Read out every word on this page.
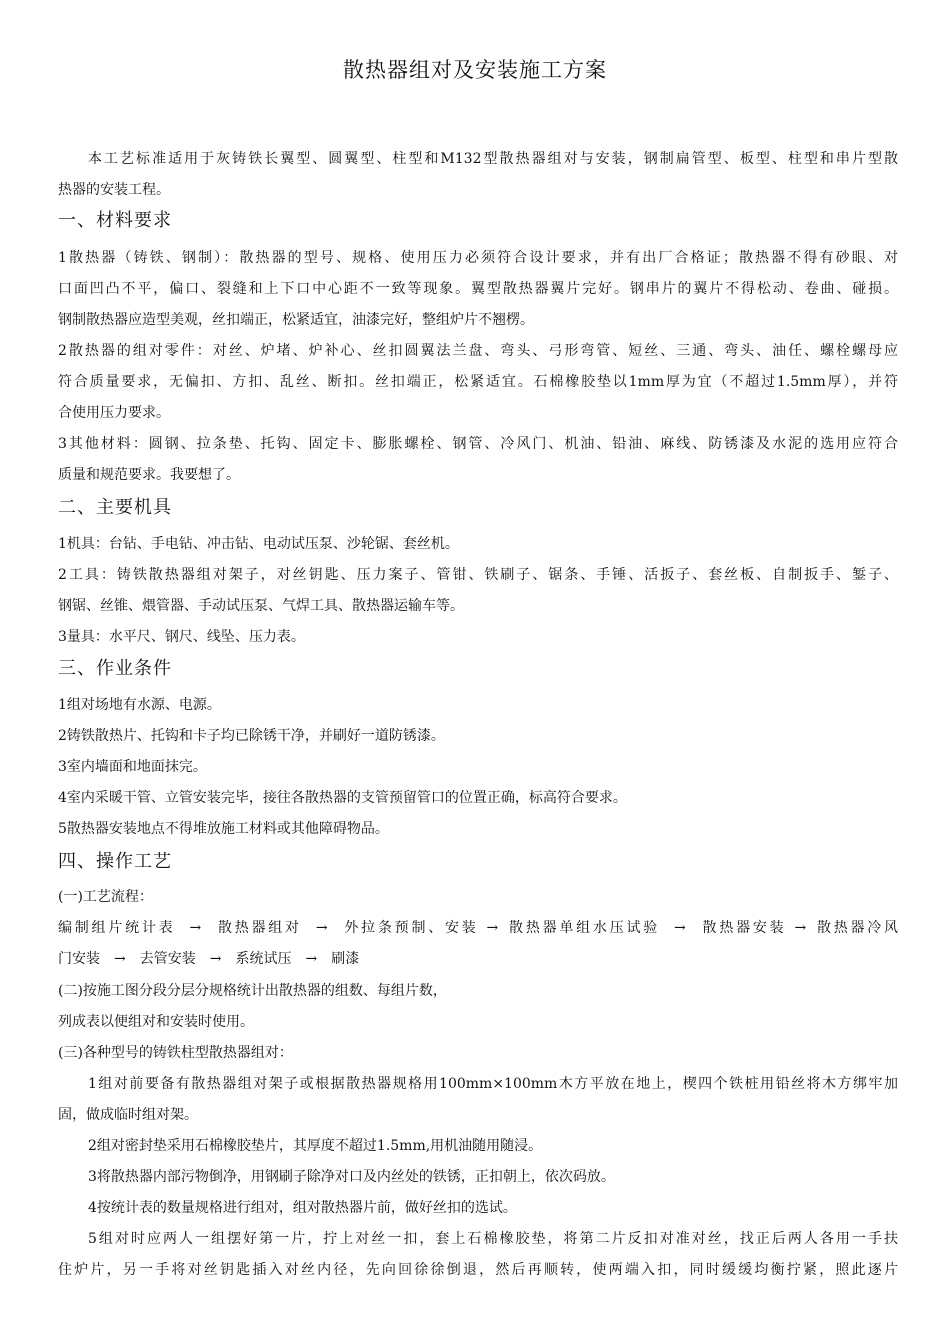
散热器组对及安装施工方案
本工艺标准适用于灰铸铁长翼型、圆翼型、柱型和M132型散热器组对与安装，钢制扁管型、板型、柱型和串片型散
热器的安装工程。
一、材料要求
1散热器（铸铁、钢制）：散热器的型号、规格、使用压力必须符合设计要求，并有出厂合格证；散热器不得有砂眼、对
口面凹凸不平，偏口、裂缝和上下口中心距不一致等现象。翼型散热器翼片完好。钢串片的翼片不得松动、卷曲、碰损。
钢制散热器应造型美观，丝扣端正，松紧适宜，油漆完好，整组炉片不翘楞。
2散热器的组对零件：对丝、炉堵、炉补心、丝扣圆翼法兰盘、弯头、弓形弯管、短丝、三通、弯头、油任、螺栓螺母应
符合质量要求，无偏扣、方扣、乱丝、断扣。丝扣端正，松紧适宜。石棉橡胶垫以1mm厚为宜（不超过1.5mm厚），并符
合使用压力要求。
3其他材料：圆钢、拉条垫、托钩、固定卡、膨胀螺栓、钢管、冷风门、机油、铅油、麻线、防锈漆及水泥的选用应符合
质量和规范要求。我要想了。
二、主要机具
1机具：台钻、手电钻、冲击钻、电动试压泵、沙轮锯、套丝机。
2工具：铸铁散热器组对架子，对丝钥匙、压力案子、管钳、铁刷子、锯条、手锤、活扳子、套丝板、自制扳手、錾子、
钢锯、丝锥、煨管器、手动试压泵、气焊工具、散热器运输车等。
3量具：水平尺、钢尺、线坠、压力表。
三、作业条件
1组对场地有水源、电源。
2铸铁散热片、托钩和卡子均已除锈干净，并刷好一道防锈漆。
3室内墙面和地面抹完。
4室内采暖干管、立管安装完毕，接往各散热器的支管预留管口的位置正确，标高符合要求。
5散热器安装地点不得堆放施工材料或其他障碍物品。
四、操作工艺
(一)工艺流程：
编制组片统计表 → 散热器组对 → 外拉条预制、安装 → 散热器单组水压试验 → 散热器安装 → 散热器冷风
门安装 → 去管安装 → 系统试压 → 刷漆
(二)按施工图分段分层分规格统计出散热器的组数、每组片数，
列成表以便组对和安装时使用。
(三)各种型号的铸铁柱型散热器组对：
1组对前要备有散热器组对架子或根据散热器规格用100mm×100mm木方平放在地上，楔四个铁桩用铅丝将木方绑牢加
固，做成临时组对架。
2组对密封垫采用石棉橡胶垫片，其厚度不超过1.5mm,用机油随用随浸。
3将散热器内部污物倒净，用钢刷子除净对口及内丝处的铁锈，正扣朝上，依次码放。
4按统计表的数量规格进行组对，组对散热器片前，做好丝扣的选试。
5组对时应两人一组摆好第一片，拧上对丝一扣，套上石棉橡胶垫，将第二片反扣对准对丝，找正后两人各用一手扶
住炉片，另一手将对丝钥匙插入对丝内径，先向回徐徐倒退，然后再顺转，使两端入扣，同时缓缓均衡拧紧，照此逐片
